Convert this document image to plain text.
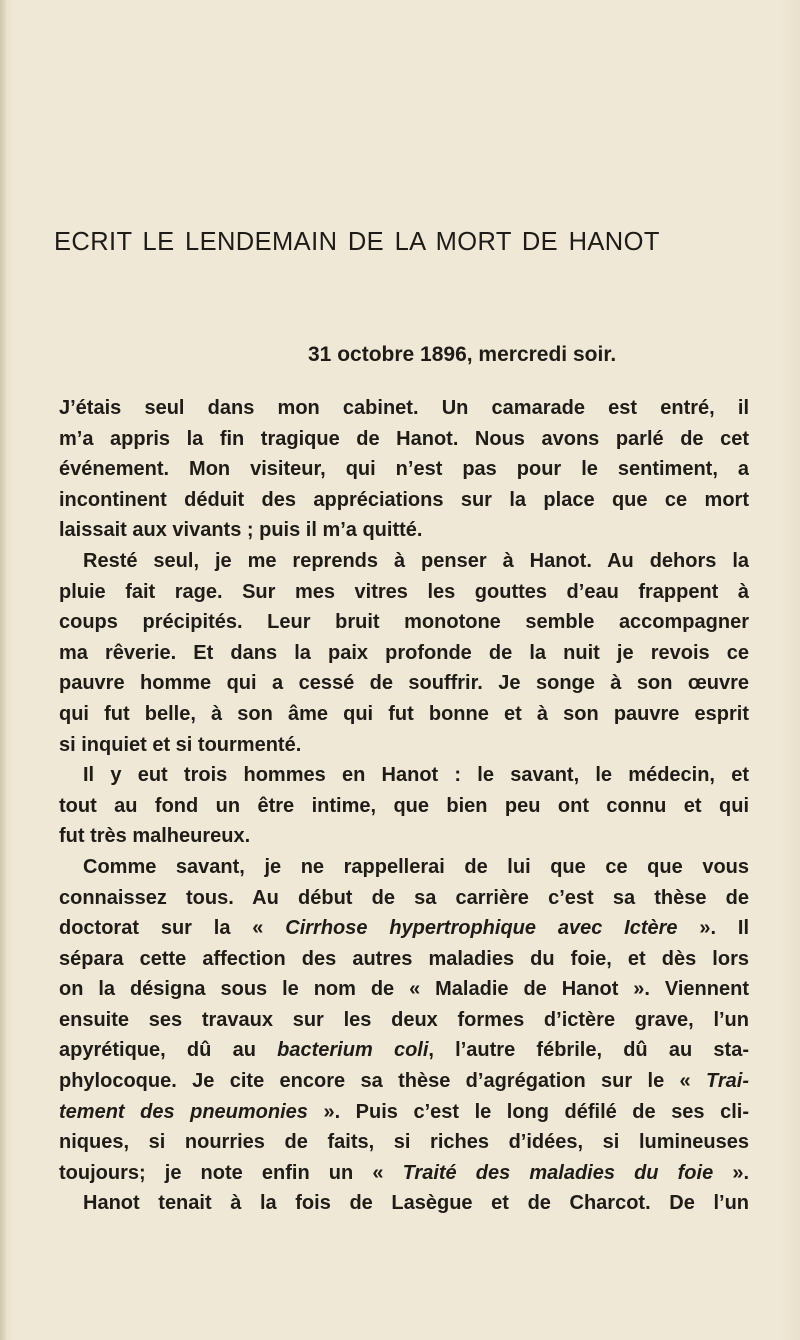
ECRIT LE LENDEMAIN DE LA MORT DE HANOT

31 octobre 1896, mercredi soir.

J’étais seul dans mon cabinet. Un camarade est entré, il
m’a appris la fin tragique de Hanot. Nous avons parlé de cet
événement. Mon visiteur, qui n’est pas pour le sentiment, a
incontinent déduit des appréciations sur la place que ce mort
laissait aux vivants ; puis il m’a quitté.
Resté seul, je me reprends à penser à Hanot. Au dehors la
pluie fait rage. Sur mes vitres les gouttes d’eau frappent à
coups précipités. Leur bruit monotone semble accompagner
ma rêverie. Et dans la paix profonde de la nuit je revois ce
pauvre homme qui a cessé de souffrir. Je songe à son œuvre
qui fut belle, à son âme qui fut bonne et à son pauvre esprit
si inquiet et si tourmenté.
Il y eut trois hommes en Hanot : le savant, le médecin, et
tout au fond un être intime, que bien peu ont connu et qui
fut très malheureux.
Comme savant, je ne rappellerai de lui que ce que vous
connaissez tous. Au début de sa carrière c’est sa thèse de
doctorat sur la « Cirrhose hypertrophique avec Ictère ». Il
sépara cette affection des autres maladies du foie, et dès lors
on la désigna sous le nom de « Maladie de Hanot ». Viennent
ensuite ses travaux sur les deux formes d’ictère grave, l’un
apyrétique, dû au bacterium coli, l’autre fébrile, dû au sta-
phylocoque. Je cite encore sa thèse d’agrégation sur le « Trai-
tement des pneumonies ». Puis c’est le long défilé de ses cli-
niques, si nourries de faits, si riches d’idées, si lumineuses
toujours; je note enfin un « Traité des maladies du foie ».
Hanot tenait à la fois de Lasègue et de Charcot. De l’un
